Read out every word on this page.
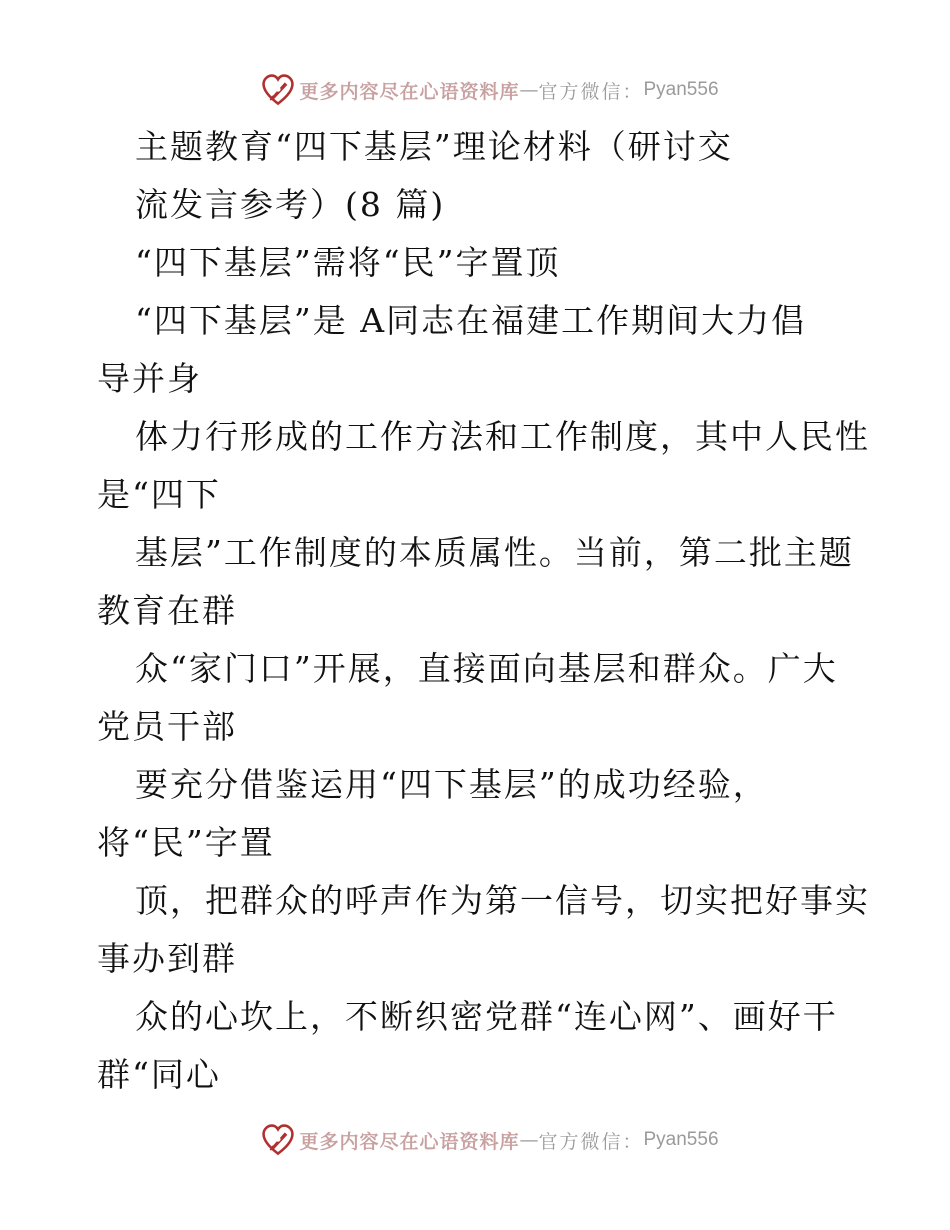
更多内容尽在心语资料库 — 官方微信： Pyan556
主题教育“四下基层”理论材料（研讨交
流发言参考）(8 篇)
“四下基层”需将“民”字置顶
“四下基层”是 A同志在福建工作期间大力倡
导并身
体力行形成的工作方法和工作制度，其中人民性
是“四下
基层”工作制度的本质属性。当前，第二批主题
教育在群
众“家门口”开展，直接面向基层和群众。广大
党员干部
要充分借鉴运用“四下基层”的成功经验，
将“民”字置
顶，把群众的呼声作为第一信号，切实把好事实
事办到群
众的心坎上，不断织密党群“连心网”、画好干
群“同心
更多内容尽在心语资料库 — 官方微信： Pyan556
